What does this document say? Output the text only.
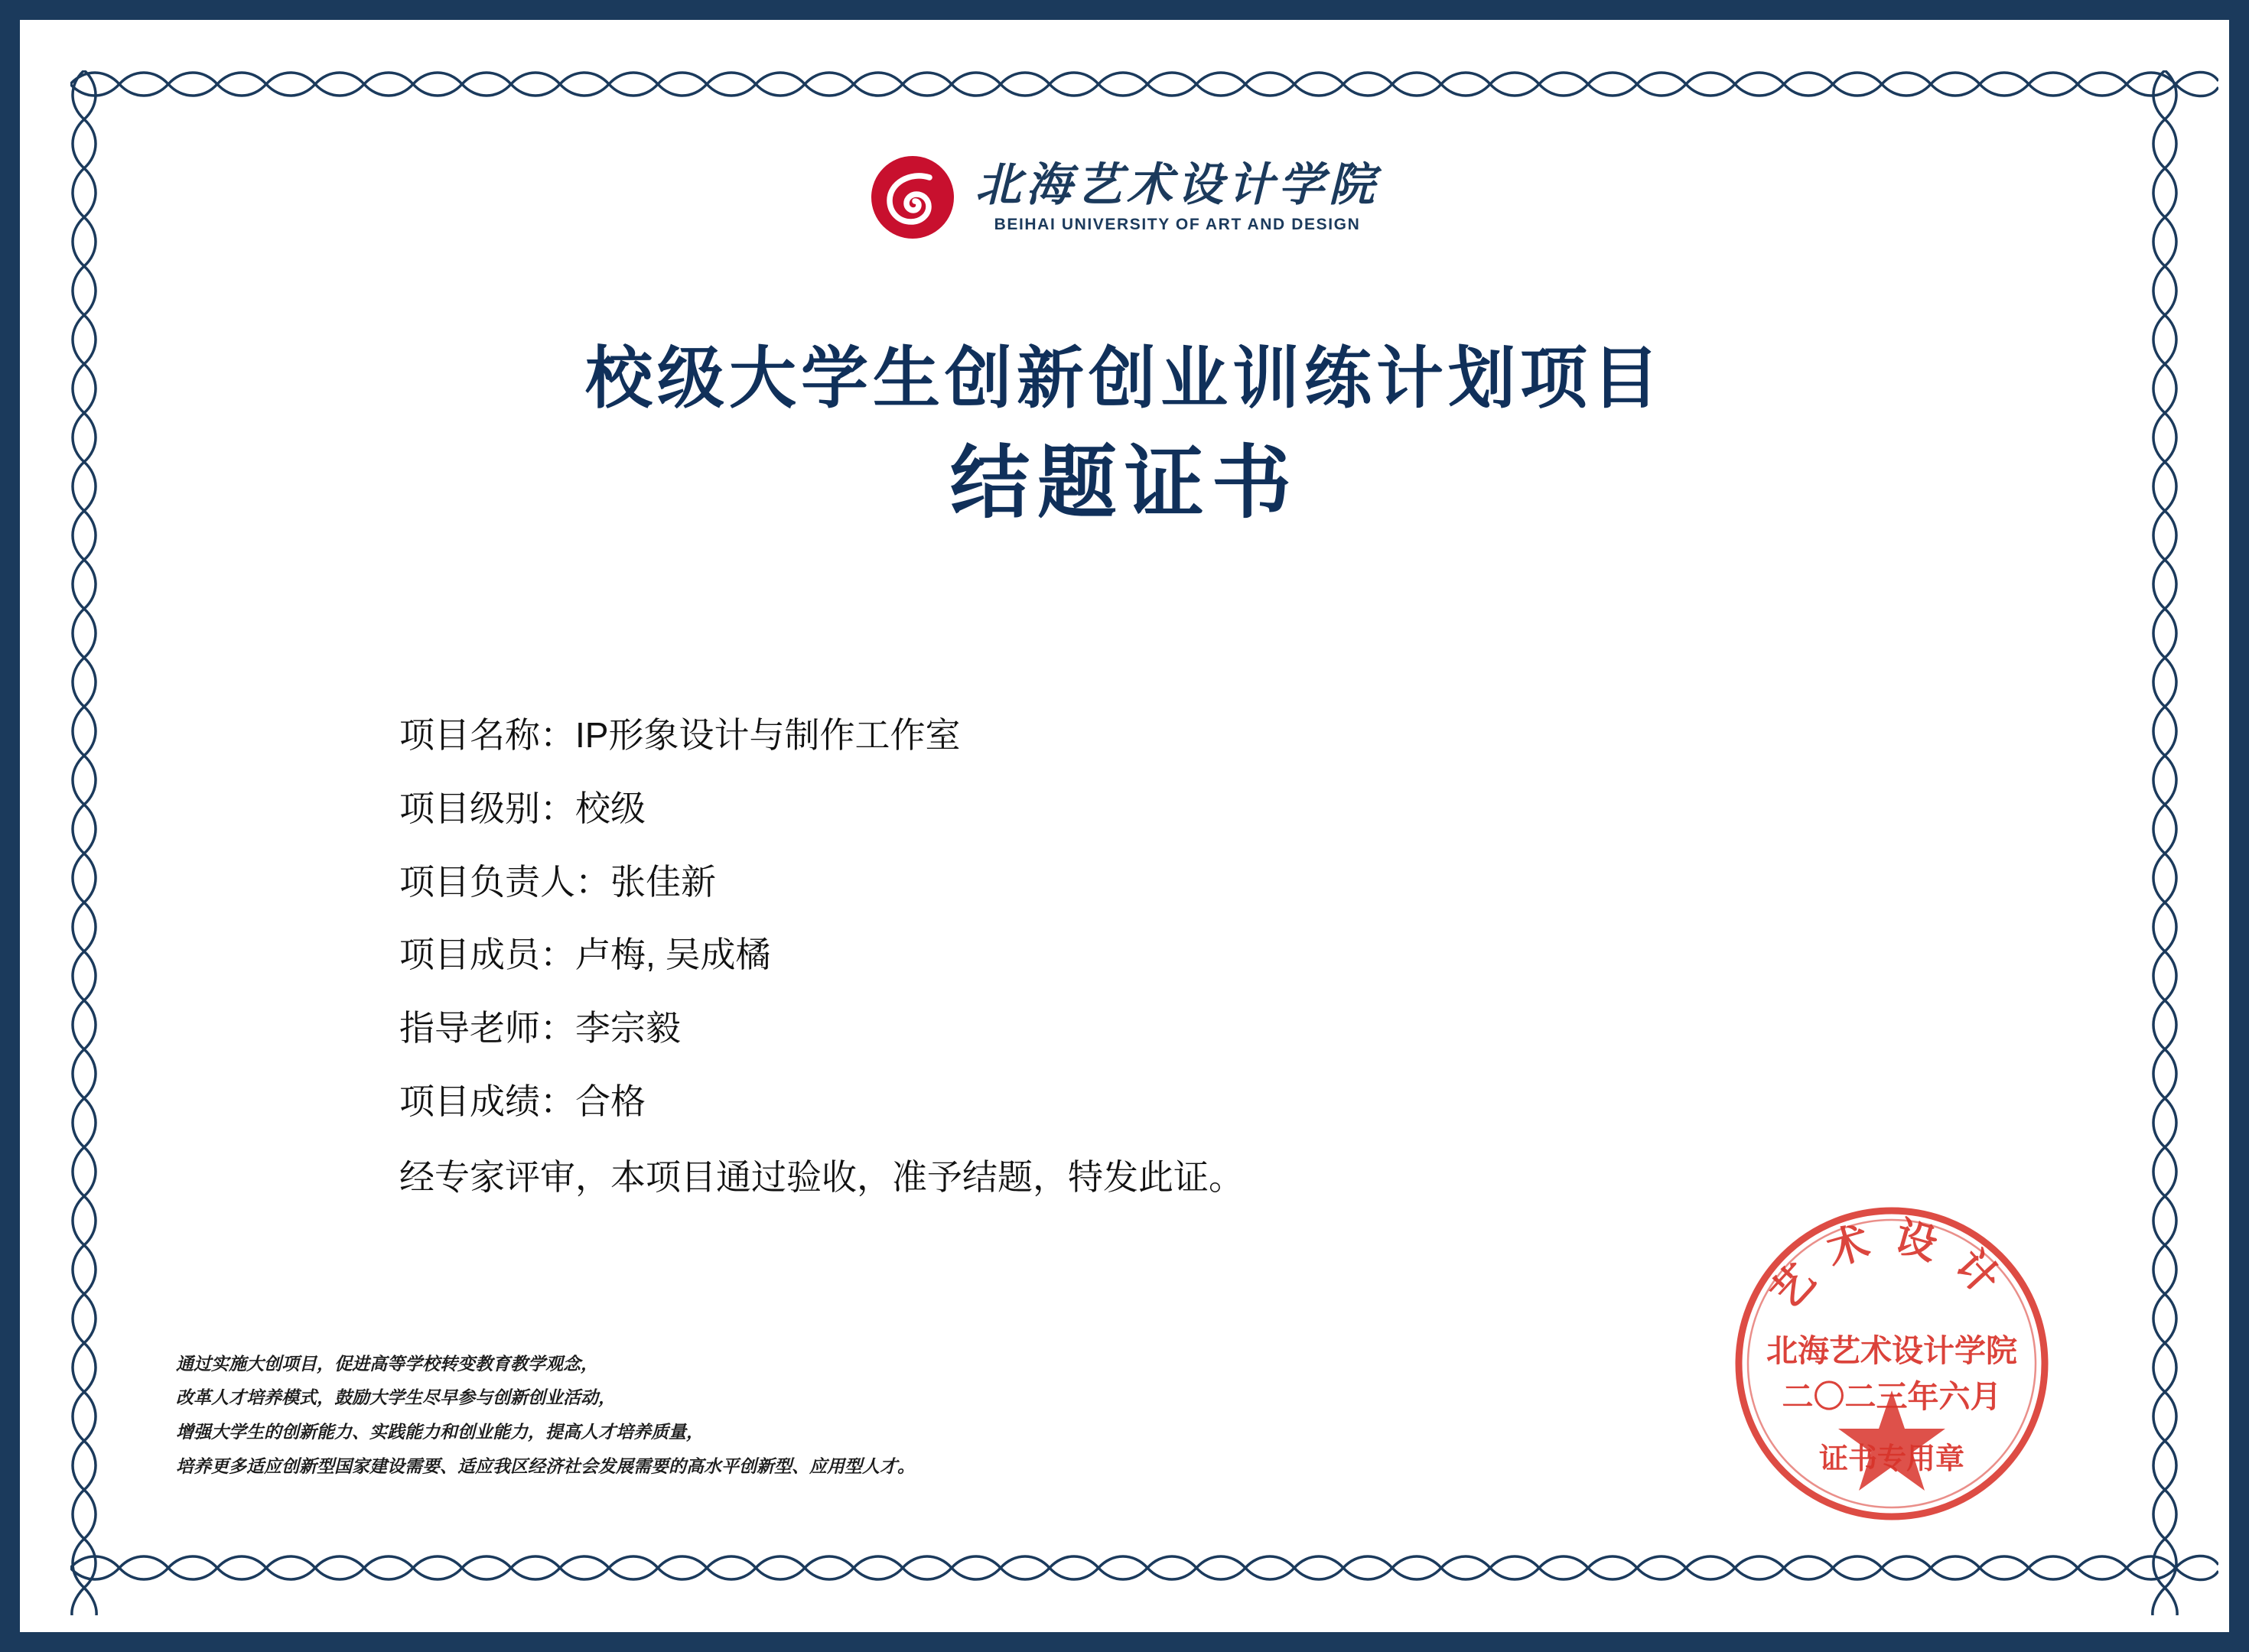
北海艺术设计学院
BEIHAI UNIVERSITY OF ART AND DESIGN
校级大学生创新创业训练计划项目
结题证书
项目名称： IP形象设计与制作工作室
项目级别： 校级
项目负责人： 张佳新
项目成员： 卢梅, 吴成橘
指导老师： 李宗毅
项目成绩： 合格
经专家评审，本项目通过验收，准予结题，特发此证。
通过实施大创项目，促进高等学校转变教育教学观念，
改革人才培养模式，鼓励大学生尽早参与创新创业活动，
增强大学生的创新能力、实践能力和创业能力，提高人才培养质量，
培养更多适应创新型国家建设需要、适应我区经济社会发展需要的高水平创新型、应用型人才。
艺术设计
北海艺术设计学院
二〇二三年六月
证书专用章
